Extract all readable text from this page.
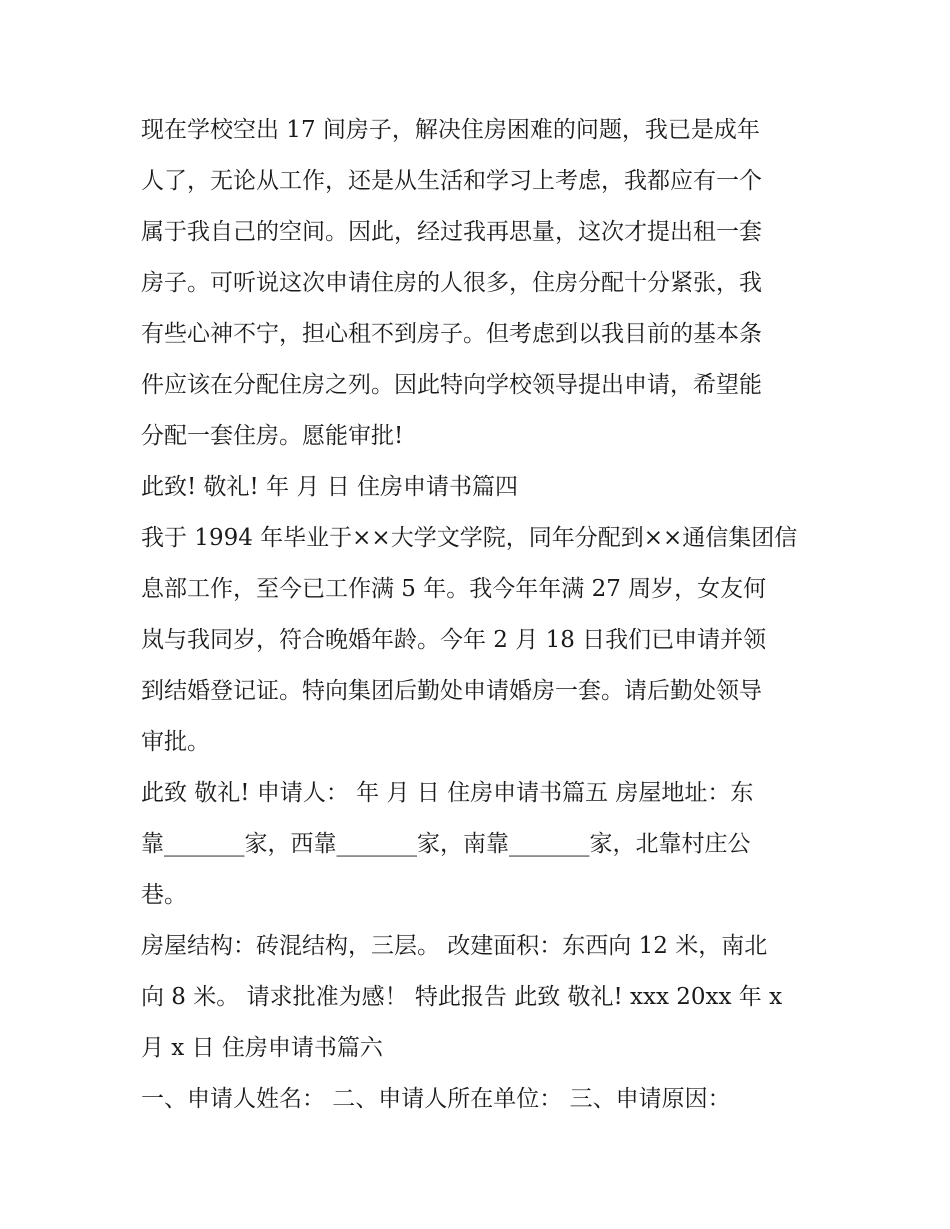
现在学校空出 17 间房子，解决住房困难的问题，我已是成年
人了，无论从工作，还是从生活和学习上考虑，我都应有一个
属于我自己的空间。因此，经过我再思量，这次才提出租一套
房子。可听说这次申请住房的人很多，住房分配十分紧张，我
有些心神不宁，担心租不到房子。但考虑到以我目前的基本条
件应该在分配住房之列。因此特向学校领导提出申请，希望能
分配一套住房。愿能审批!
此致! 敬礼! 年 月 日 住房申请书篇四
我于 1994 年毕业于××大学文学院，同年分配到××通信集团信
息部工作，至今已工作满 5 年。我今年年满 27 周岁，女友何
岚与我同岁，符合晚婚年龄。今年 2 月 18 日我们已申请并领
到结婚登记证。特向集团后勤处申请婚房一套。请后勤处领导
审批。
此致 敬礼! 申请人： 年 月 日 住房申请书篇五 房屋地址：东
靠_______家，西靠_______家，南靠_______家，北靠村庄公
巷。
房屋结构：砖混结构，三层。 改建面积：东西向 12 米，南北
向 8 米。 请求批准为感！ 特此报告 此致 敬礼! xxx 20xx 年 x
月 x 日 住房申请书篇六
一、申请人姓名： 二、申请人所在单位： 三、申请原因：
